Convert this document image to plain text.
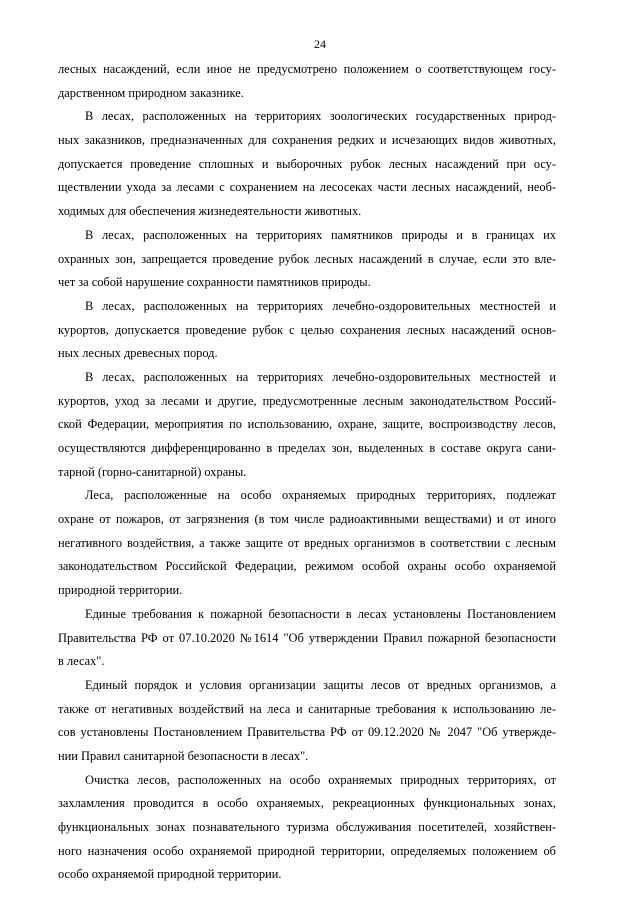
24
лесных насаждений, если иное не предусмотрено положением о соответствующем госу-
дарственном природном заказнике.
В лесах, расположенных на территориях зоологических государственных природ-
ных заказников, предназначенных для сохранения редких и исчезающих видов животных,
допускается проведение сплошных и выборочных рубок лесных насаждений при осу-
ществлении ухода за лесами с сохранением на лесосеках части лесных насаждений, необ-
ходимых для обеспечения жизнедеятельности животных.
В лесах, расположенных на территориях памятников природы и в границах их
охранных зон, запрещается проведение рубок лесных насаждений в случае, если это вле-
чет за собой нарушение сохранности памятников природы.
В лесах, расположенных на территориях лечебно-оздоровительных местностей и
курортов, допускается проведение рубок с целью сохранения лесных насаждений основ-
ных лесных древесных пород.
В лесах, расположенных на территориях лечебно-оздоровительных местностей и
курортов, уход за лесами и другие, предусмотренные лесным законодательством Россий-
ской Федерации, мероприятия по использованию, охране, защите, воспроизводству лесов,
осуществляются дифференцированно в пределах зон, выделенных в составе округа сани-
тарной (горно-санитарной) охраны.
Леса, расположенные на особо охраняемых природных территориях, подлежат
охране от пожаров, от загрязнения (в том числе радиоактивными веществами) и от иного
негативного воздействия, а также защите от вредных организмов в соответствии с лесным
законодательством Российской Федерации, режимом особой охраны особо охраняемой
природной территории.
Единые требования к пожарной безопасности в лесах установлены Постановлением
Правительства РФ от 07.10.2020 №1614 "Об утверждении Правил пожарной безопасности
в лесах".
Единый порядок и условия организации защиты лесов от вредных организмов, а
также от негативных воздействий на леса и санитарные требования к использованию ле-
сов установлены Постановлением Правительства РФ от 09.12.2020 № 2047 "Об утвержде-
нии Правил санитарной безопасности в лесах".
Очистка лесов, расположенных на особо охраняемых природных территориях, от
захламления проводится в особо охраняемых, рекреационных функциональных зонах,
функциональных зонах познавательного туризма обслуживания посетителей, хозяйствен-
ного назначения особо охраняемой природной территории, определяемых положением об
особо охраняемой природной территории.
